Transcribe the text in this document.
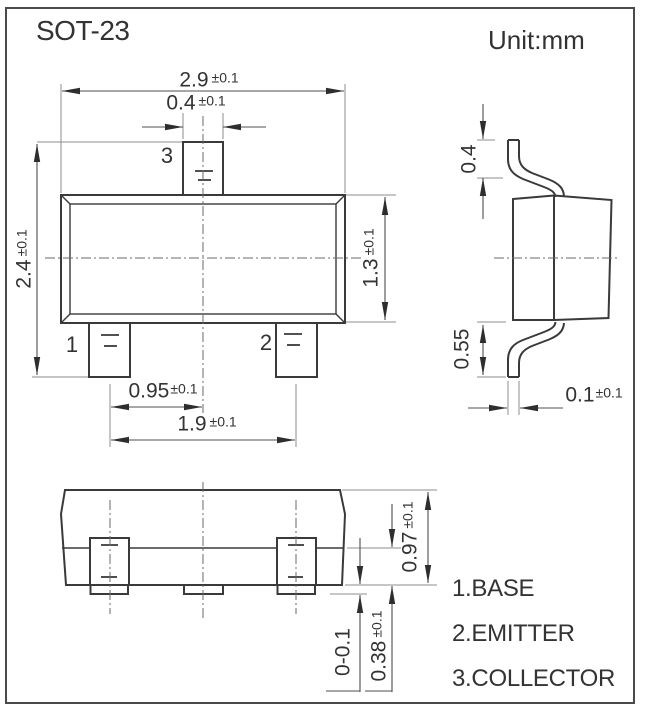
SOT-23	Unit:mm
2.9 ±0.1
0.4 ±0.1
2.4
±0.1
1.3
±0.1
0.95 ±0.1
1.9 ±0.1
0.4
0.55
0.1 ±0.1
0.97
±0.1
0-0.1 0.38
±0.1
3
1	2
1.BASE
2.EMITTER
3.COLLECTOR
